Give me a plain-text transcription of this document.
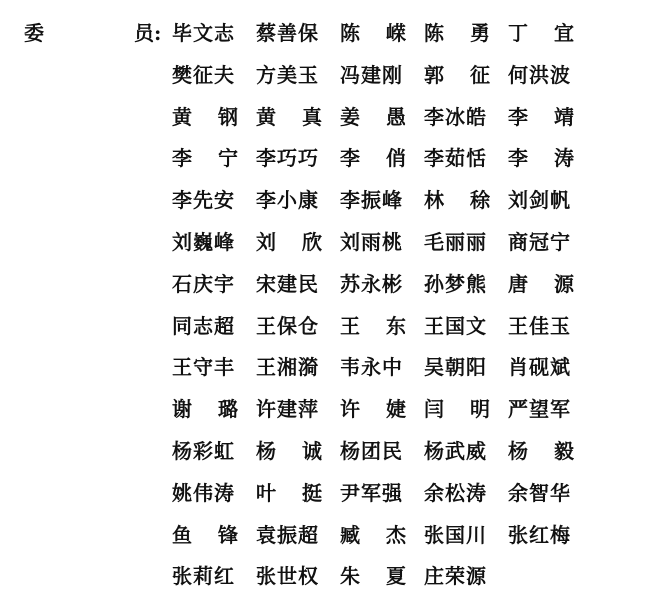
委	员: 毕文志 蔡善保 陈 嵘 陈 勇 丁 宜
樊征夫 方美玉 冯建刚 郭 征 何洪波
黄 钢 黄 真 姜 愚 李冰皓 李 靖
李 宁 李巧巧 李 俏 李茹恬 李 涛
李先安 李小康 李振峰 林 稌 刘剑帆
刘巍峰 刘 欣 刘雨桃 毛丽丽 商冠宁
石庆宇 宋建民 苏永彬 孙梦熊 唐 源
同志超 王保仓 王 东 王国文 王佳玉
王守丰 王湘漪 韦永中 吴朝阳 肖砚斌
谢 璐 许建萍 许 婕 闫 明 严望军
杨彩虹 杨 诚 杨团民 杨武威 杨 毅
姚伟涛 叶 挺 尹军强 余松涛 余智华
鱼 锋 袁振超 臧 杰 张国川 张红梅
张莉红 张世权 朱 夏 庄荣源
